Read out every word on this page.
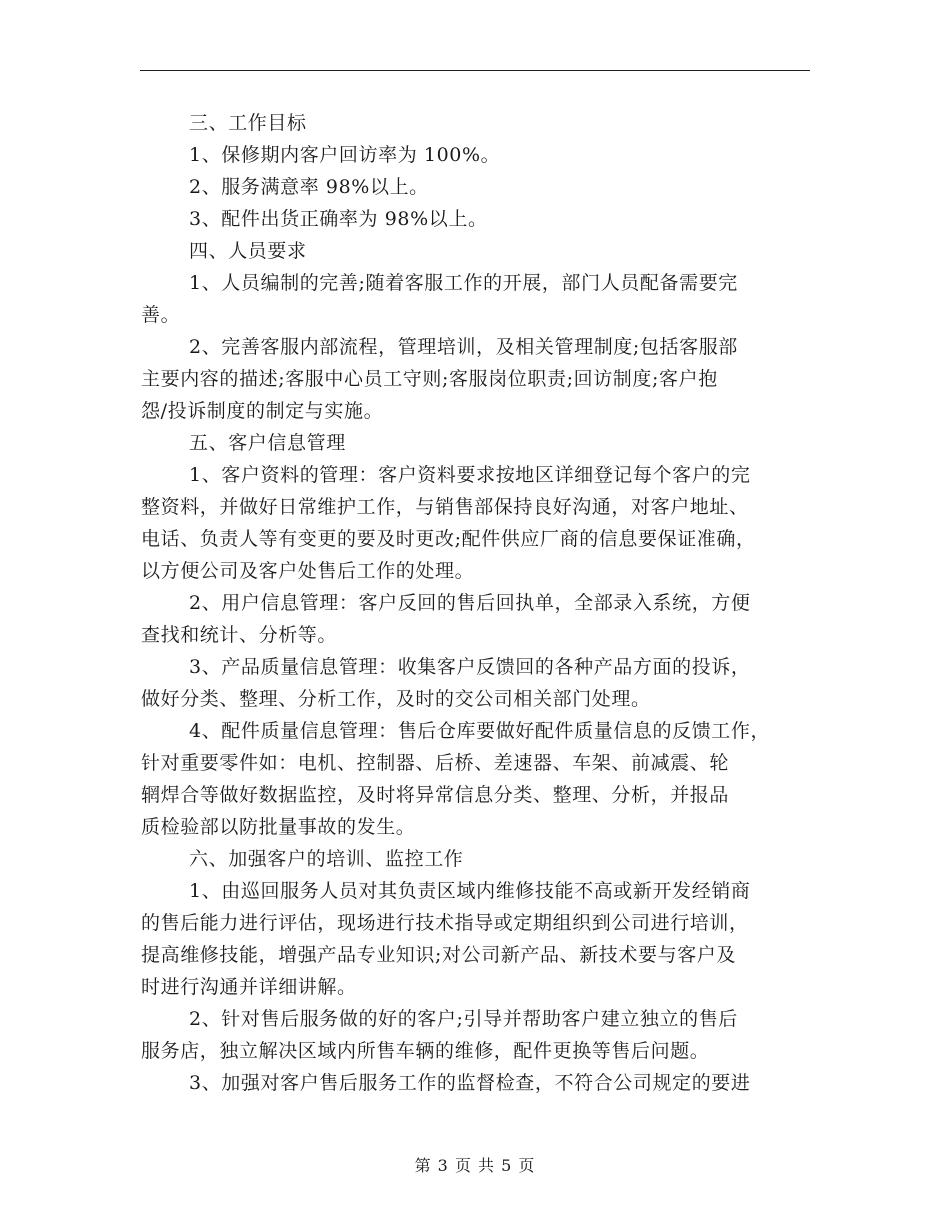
三、工作目标
1、保修期内客户回访率为 100%。
2、服务满意率 98%以上。
3、配件出货正确率为 98%以上。
四、人员要求
1、人员编制的完善;随着客服工作的开展，部门人员配备需要完
善。
2、完善客服内部流程，管理培训，及相关管理制度;包括客服部
主要内容的描述;客服中心员工守则;客服岗位职责;回访制度;客户抱
怨/投诉制度的制定与实施。
五、客户信息管理
1、客户资料的管理：客户资料要求按地区详细登记每个客户的完
整资料，并做好日常维护工作，与销售部保持良好沟通，对客户地址、
电话、负责人等有变更的要及时更改;配件供应厂商的信息要保证准确，
以方便公司及客户处售后工作的处理。
2、用户信息管理：客户反回的售后回执单，全部录入系统，方便
查找和统计、分析等。
3、产品质量信息管理：收集客户反馈回的各种产品方面的投诉，
做好分类、整理、分析工作，及时的交公司相关部门处理。
4、配件质量信息管理：售后仓库要做好配件质量信息的反馈工作，
针对重要零件如：电机、控制器、后桥、差速器、车架、前减震、轮
辋焊合等做好数据监控，及时将异常信息分类、整理、分析，并报品
质检验部以防批量事故的发生。
六、加强客户的培训、监控工作
1、由巡回服务人员对其负责区域内维修技能不高或新开发经销商
的售后能力进行评估，现场进行技术指导或定期组织到公司进行培训，
提高维修技能，增强产品专业知识;对公司新产品、新技术要与客户及
时进行沟通并详细讲解。
2、针对售后服务做的好的客户;引导并帮助客户建立独立的售后
服务店，独立解决区域内所售车辆的维修，配件更换等售后问题。
3、加强对客户售后服务工作的监督检查，不符合公司规定的要进
第 3 页 共 5 页
